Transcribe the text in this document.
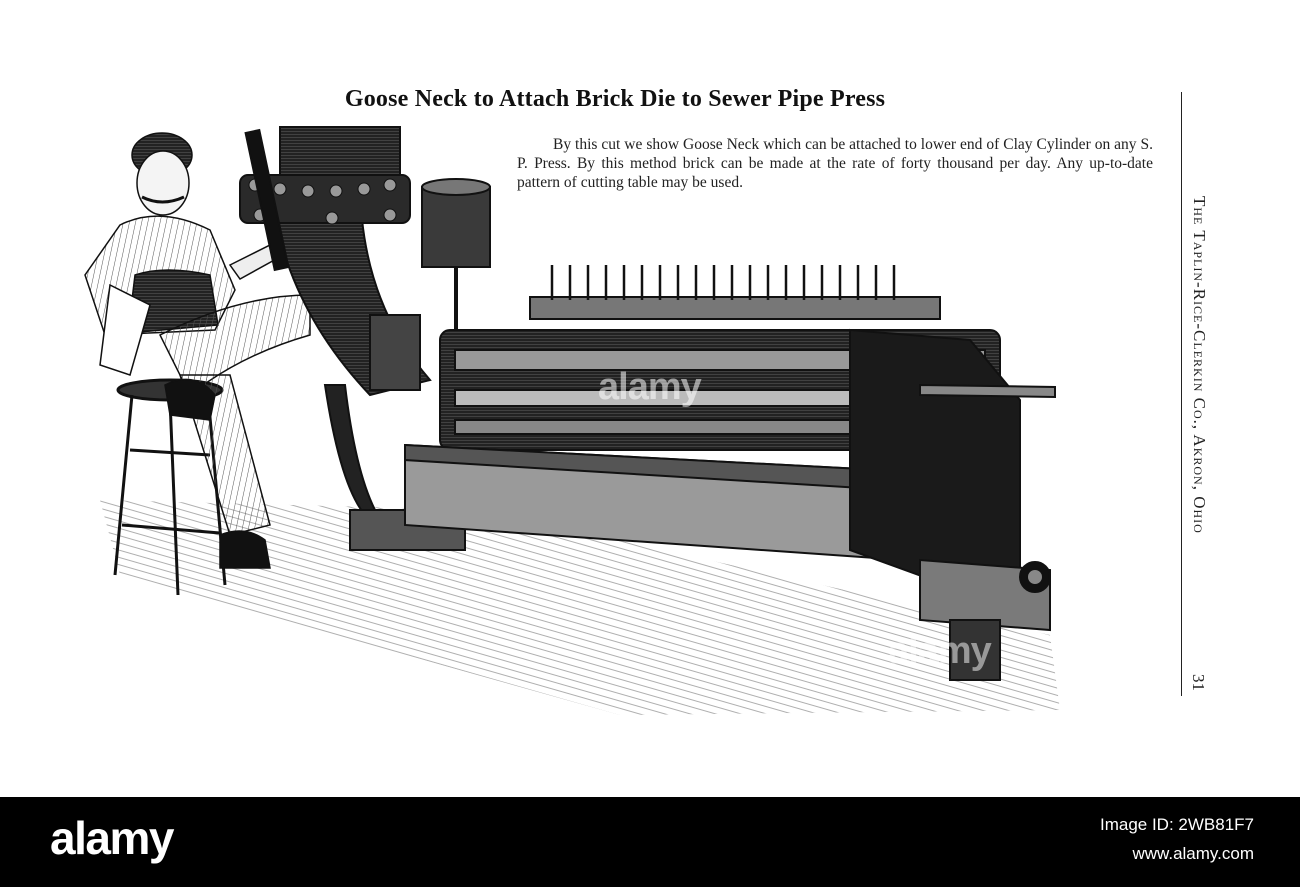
Goose Neck to Attach Brick Die to Sewer Pipe Press
By this cut we show Goose Neck which can be attached to lower end of Clay Cylinder on any S. P. Press. By this method brick can be made at the rate of forty thousand per day. Any up-to-date pattern of cutting table may be used.
The Taplin-Rice-Clerkin Co., Akron, Ohio
31
alamy
alamy
alamy	Image ID: 2WB81F7
www.alamy.com
